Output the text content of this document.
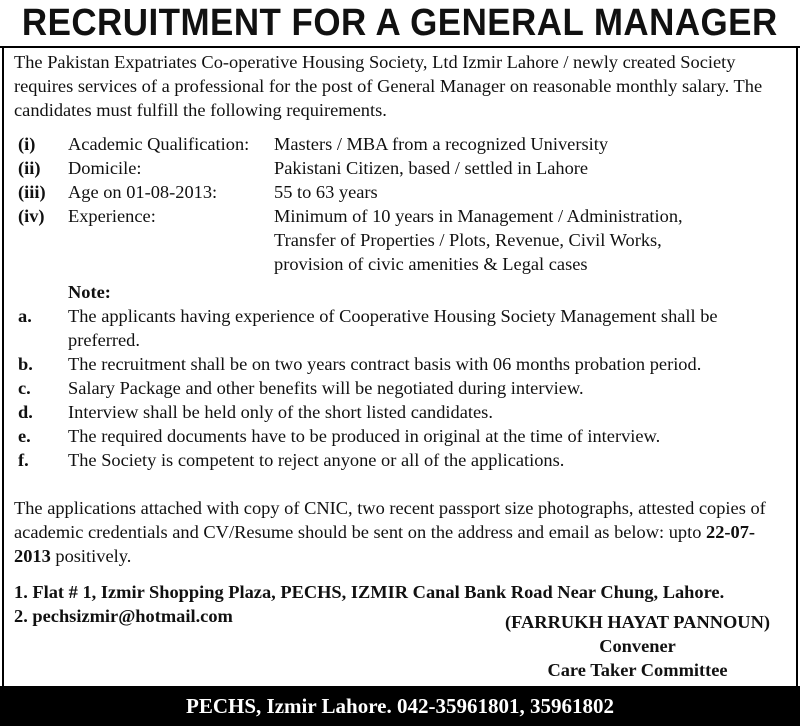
RECRUITMENT FOR A GENERAL MANAGER

The Pakistan Expatriates Co-operative Housing Society, Ltd Izmir Lahore / newly created Society requires services of a professional for the post of General Manager on reasonable monthly salary. The candidates must fulfill the following requirements.

(i) Academic Qualification: Masters / MBA from a recognized University
(ii) Domicile:	Pakistani Citizen, based / settled in Lahore
(iii) Age on 01-08-2013:	55 to 63 years
(iv) Experience:	Minimum of 10 years in Management / Administration,
Transfer of Properties / Plots, Revenue, Civil Works,
provision of civic amenities & Legal cases
Note:
a. The applicants having experience of Cooperative Housing Society Management shall be preferred.
b. The recruitment shall be on two years contract basis with 06 months probation period.
c. Salary Package and other benefits will be negotiated during interview.
d. Interview shall be held only of the short listed candidates.
e. The required documents have to be produced in original at the time of interview.
f. The Society is competent to reject anyone or all of the applications.

The applications attached with copy of CNIC, two recent passport size photographs, attested copies of academic credentials and CV/Resume should be sent on the address and email as below: upto 22-07-2013 positively.

1. Flat # 1, Izmir Shopping Plaza, PECHS, IZMIR Canal Bank Road Near Chung, Lahore.
2. pechsizmir@hotmail.com	(FARRUKH HAYAT PANNOUN)
Convener
Care Taker Committee
PECHS, Izmir Lahore. 042-35961801, 35961802
